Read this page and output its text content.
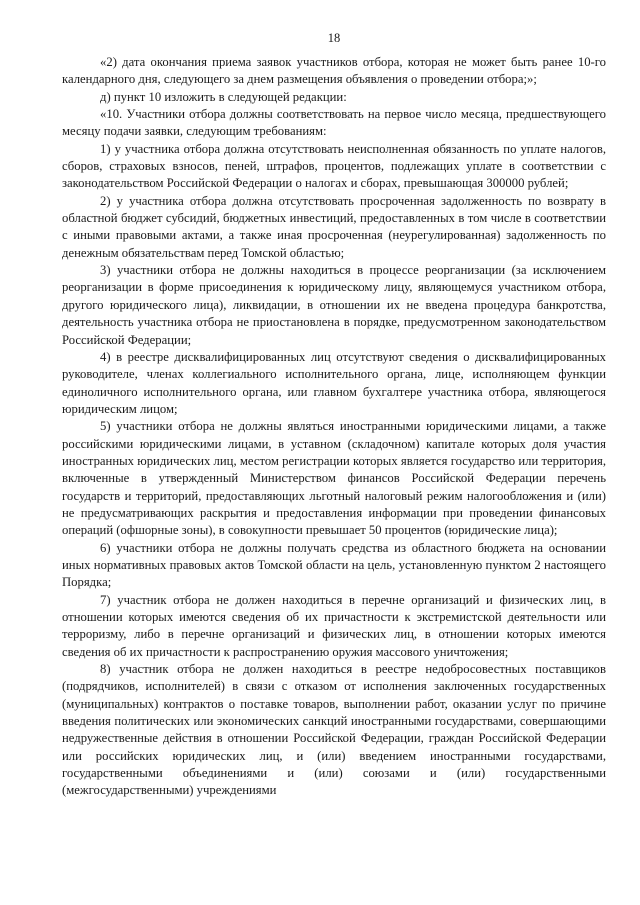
18

«2) дата окончания приема заявок участников отбора, которая не может быть ранее 10-го календарного дня, следующего за днем размещения объявления о проведении отбора;»;

д) пункт 10 изложить в следующей редакции:

«10. Участники отбора должны соответствовать на первое число месяца, предшествующего месяцу подачи заявки, следующим требованиям:

1) у участника отбора должна отсутствовать неисполненная обязанность по уплате налогов, сборов, страховых взносов, пеней, штрафов, процентов, подлежащих уплате в соответствии с законодательством Российской Федерации о налогах и сборах, превышающая 300000 рублей;

2) у участника отбора должна отсутствовать просроченная задолженность по возврату в областной бюджет субсидий, бюджетных инвестиций, предоставленных в том числе в соответствии с иными правовыми актами, а также иная просроченная (неурегулированная) задолженность по денежным обязательствам перед Томской областью;

3) участники отбора не должны находиться в процессе реорганизации (за исключением реорганизации в форме присоединения к юридическому лицу, являющемуся участником отбора, другого юридического лица), ликвидации, в отношении их не введена процедура банкротства, деятельность участника отбора не приостановлена в порядке, предусмотренном законодательством Российской Федерации;

4) в реестре дисквалифицированных лиц отсутствуют сведения о дисквалифицированных руководителе, членах коллегиального исполнительного органа, лице, исполняющем функции единоличного исполнительного органа, или главном бухгалтере участника отбора, являющегося юридическим лицом;

5) участники отбора не должны являться иностранными юридическими лицами, а также российскими юридическими лицами, в уставном (складочном) капитале которых доля участия иностранных юридических лиц, местом регистрации которых является государство или территория, включенные в утвержденный Министерством финансов Российской Федерации перечень государств и территорий, предоставляющих льготный налоговый режим налогообложения и (или) не предусматривающих раскрытия и предоставления информации при проведении финансовых операций (офшорные зоны), в совокупности превышает 50 процентов (юридические лица);

6) участники отбора не должны получать средства из областного бюджета на основании иных нормативных правовых актов Томской области на цель, установленную пунктом 2 настоящего Порядка;

7) участник отбора не должен находиться в перечне организаций и физических лиц, в отношении которых имеются сведения об их причастности к экстремистской деятельности или терроризму, либо в перечне организаций и физических лиц, в отношении которых имеются сведения об их причастности к распространению оружия массового уничтожения;

8) участник отбора не должен находиться в реестре недобросовестных поставщиков (подрядчиков, исполнителей) в связи с отказом от исполнения заключенных государственных (муниципальных) контрактов о поставке товаров, выполнении работ, оказании услуг по причине введения политических или экономических санкций иностранными государствами, совершающими недружественные действия в отношении Российской Федерации, граждан Российской Федерации или российских юридических лиц, и (или) введением иностранными государствами, государственными объединениями и (или) союзами и (или) государственными (межгосударственными) учреждениями
